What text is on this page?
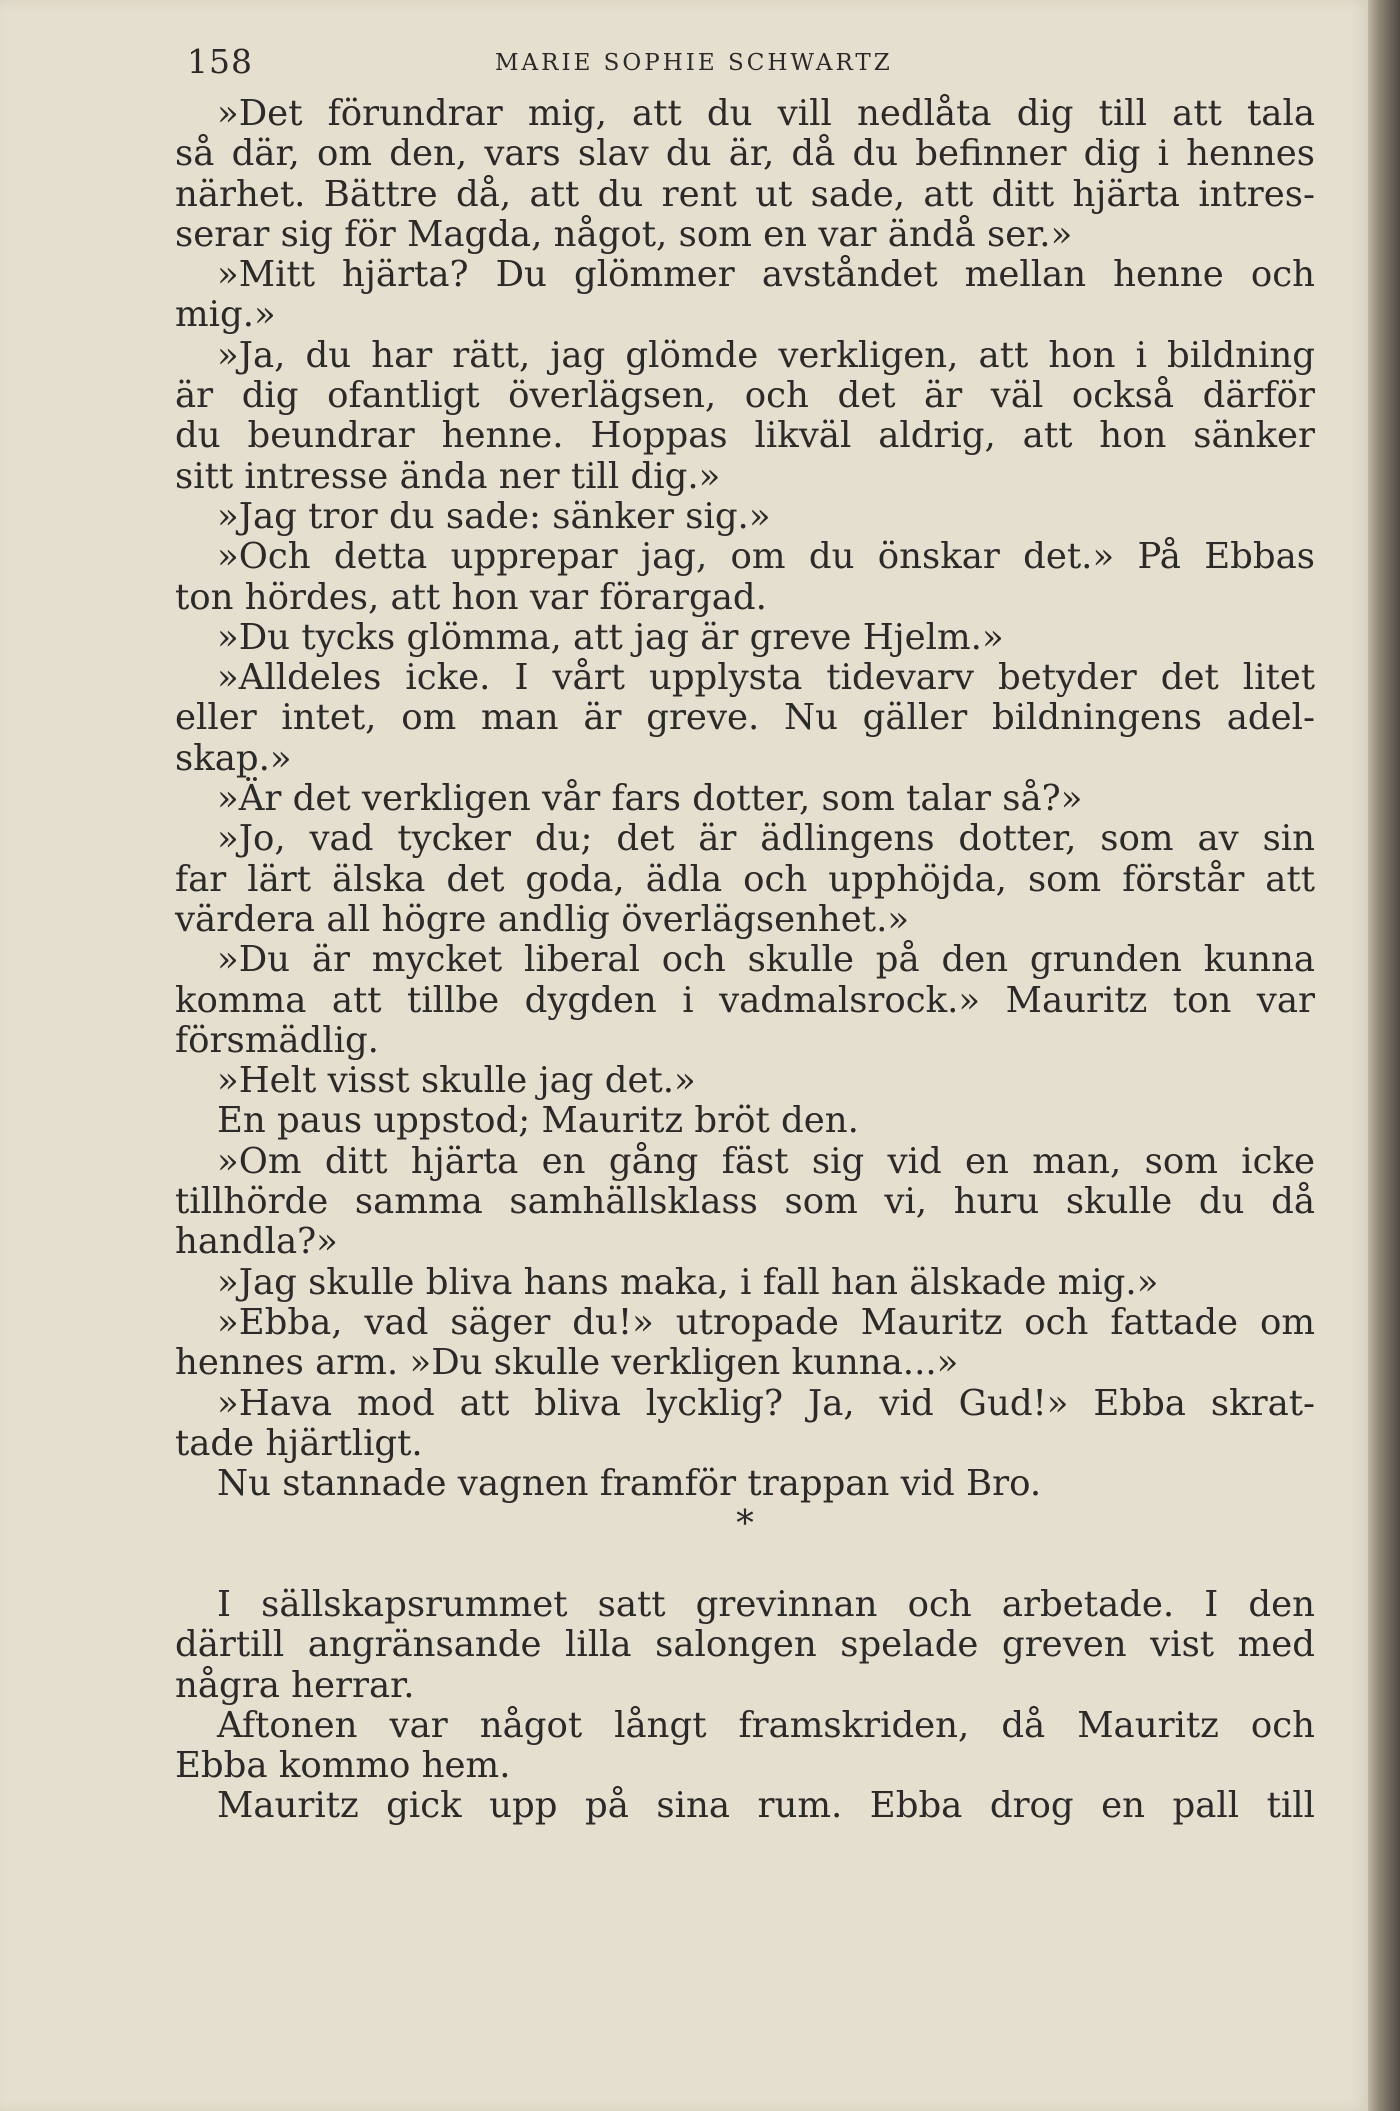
158	MARIE SOPHIE SCHWARTZ
»Det förundrar mig, att du vill nedlåta dig till att tala
så där, om den, vars slav du är, då du befinner dig i hennes
närhet. Bättre då, att du rent ut sade, att ditt hjärta intres-
serar sig för Magda, något, som en var ändå ser.»
»Mitt hjärta? Du glömmer avståndet mellan henne och
mig.»
»Ja, du har rätt, jag glömde verkligen, att hon i bildning
är dig ofantligt överlägsen, och det är väl också därför
du beundrar henne. Hoppas likväl aldrig, att hon sänker
sitt intresse ända ner till dig.»
»Jag tror du sade: sänker sig.»
»Och detta upprepar jag, om du önskar det.» På Ebbas
ton hördes, att hon var förargad.
»Du tycks glömma, att jag är greve Hjelm.»
»Alldeles icke. I vårt upplysta tidevarv betyder det litet
eller intet, om man är greve. Nu gäller bildningens adel-
skap.»
»Är det verkligen vår fars dotter, som talar så?»
»Jo, vad tycker du; det är ädlingens dotter, som av sin
far lärt älska det goda, ädla och upphöjda, som förstår att
värdera all högre andlig överlägsenhet.»
»Du är mycket liberal och skulle på den grunden kunna
komma att tillbe dygden i vadmalsrock.» Mauritz ton var
försmädlig.
»Helt visst skulle jag det.»
En paus uppstod; Mauritz bröt den.
»Om ditt hjärta en gång fäst sig vid en man, som icke
tillhörde samma samhällsklass som vi, huru skulle du då
handla?»
»Jag skulle bliva hans maka, i fall han älskade mig.»
»Ebba, vad säger du!» utropade Mauritz och fattade om
hennes arm. »Du skulle verkligen kunna...»
»Hava mod att bliva lycklig? Ja, vid Gud!» Ebba skrat-
tade hjärtligt.
Nu stannade vagnen framför trappan vid Bro.
*
I sällskapsrummet satt grevinnan och arbetade. I den
därtill angränsande lilla salongen spelade greven vist med
några herrar.
Aftonen var något långt framskriden, då Mauritz och
Ebba kommo hem.
Mauritz gick upp på sina rum. Ebba drog en pall till
